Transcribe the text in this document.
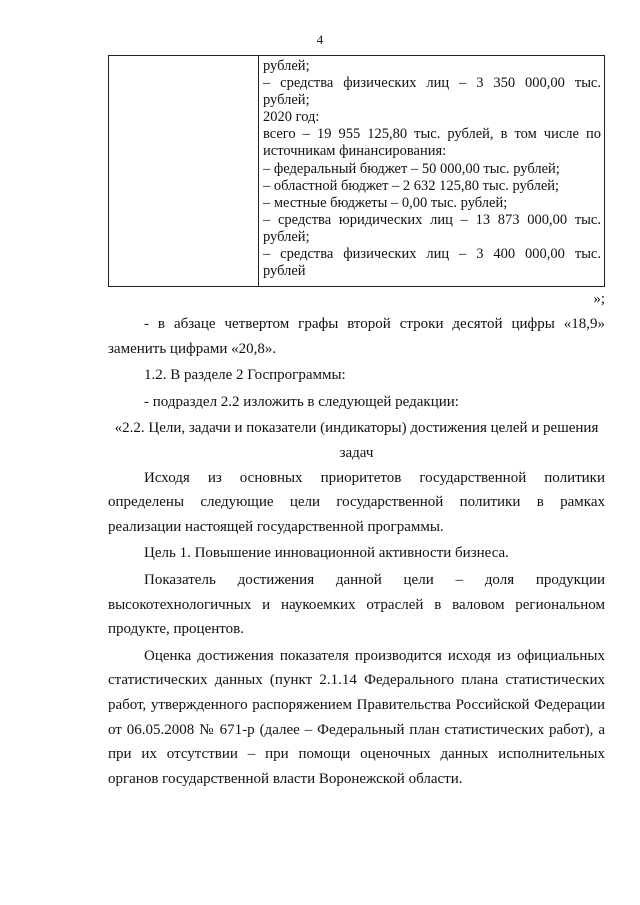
4
рублей;
– средства физических лиц – 3 350 000,00 тыс.
рублей;
2020 год:
всего – 19 955 125,80 тыс. рублей, в том числе по
источникам финансирования:
– федеральный бюджет – 50 000,00 тыс. рублей;
– областной бюджет – 2 632 125,80 тыс. рублей;
– местные бюджеты – 0,00 тыс. рублей;
– средства юридических лиц – 13 873 000,00 тыс.
рублей;
– средства физических лиц – 3 400 000,00 тыс.
рублей
»;

- в абзаце четвертом графы второй строки десятой цифры «18,9» заменить цифрами «20,8».

1.2. В разделе 2 Госпрограммы:

- подраздел 2.2 изложить в следующей редакции:

«2.2. Цели, задачи и показатели (индикаторы) достижения целей и решения задач

Исходя из основных приоритетов государственной политики определены следующие цели государственной политики в рамках реализации настоящей государственной программы.

Цель 1. Повышение инновационной активности бизнеса.

Показатель достижения данной цели – доля продукции высокотехнологичных и наукоемких отраслей в валовом региональном продукте, процентов.

Оценка достижения показателя производится исходя из официальных статистических данных (пункт 2.1.14 Федерального плана статистических работ, утвержденного распоряжением Правительства Российской Федерации от 06.05.2008 № 671-р (далее – Федеральный план статистических работ), а при их отсутствии – при помощи оценочных данных исполнительных органов государственной власти Воронежской области.
